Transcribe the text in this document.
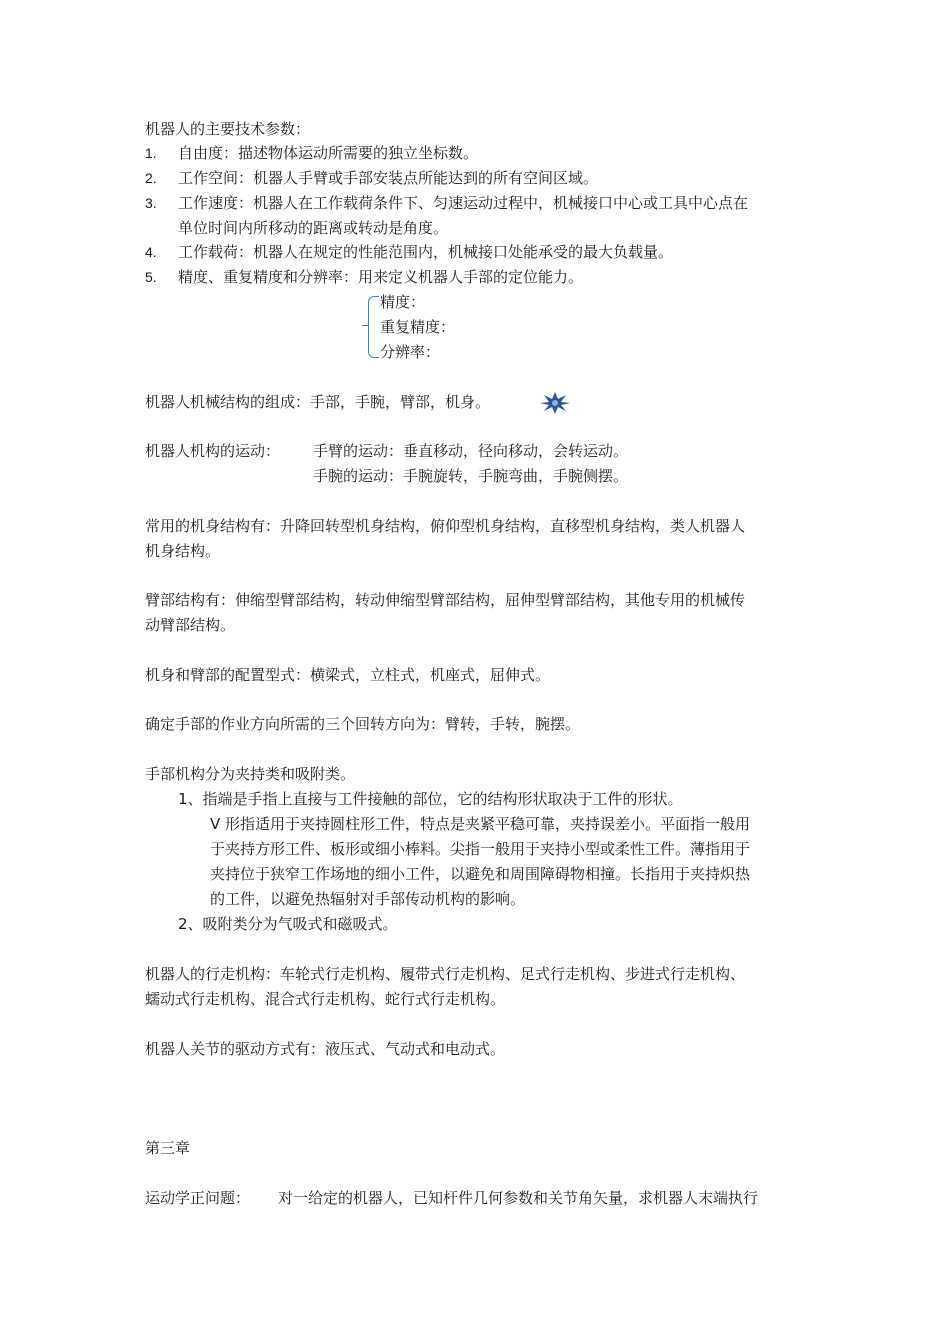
机器人的主要技术参数：
1. 自由度：描述物体运动所需要的独立坐标数。
2. 工作空间：机器人手臂或手部安装点所能达到的所有空间区域。
3. 工作速度：机器人在工作载荷条件下、匀速运动过程中，机械接口中心或工具中心点在
单位时间内所移动的距离或转动是角度。
4. 工作载荷：机器人在规定的性能范围内，机械接口处能承受的最大负载量。
5. 精度、重复精度和分辨率：用来定义机器人手部的定位能力。
精度：
重复精度：
分辨率：
机器人机械结构的组成：手部，手腕，臂部，机身。
机器人机构的运动： 手臂的运动：垂直移动，径向移动，会转运动。
手腕的运动：手腕旋转，手腕弯曲，手腕侧摆。
常用的机身结构有：升降回转型机身结构，俯仰型机身结构，直移型机身结构，类人机器人
机身结构。
臂部结构有：伸缩型臂部结构，转动伸缩型臂部结构，屈伸型臂部结构，其他专用的机械传
动臂部结构。
机身和臂部的配置型式：横梁式，立柱式，机座式，屈伸式。
确定手部的作业方向所需的三个回转方向为：臂转，手转，腕摆。
手部机构分为夹持类和吸附类。
1、指端是手指上直接与工件接触的部位，它的结构形状取决于工件的形状。
V 形指适用于夹持圆柱形工件，特点是夹紧平稳可靠，夹持误差小。平面指一般用
于夹持方形工件、板形或细小棒料。尖指一般用于夹持小型或柔性工件。薄指用于
夹持位于狭窄工作场地的细小工件，以避免和周围障碍物相撞。长指用于夹持炽热
的工件，以避免热辐射对手部传动机构的影响。
2、吸附类分为气吸式和磁吸式。
机器人的行走机构：车轮式行走机构、履带式行走机构、足式行走机构、步进式行走机构、
蠕动式行走机构、混合式行走机构、蛇行式行走机构。
机器人关节的驱动方式有：液压式、气动式和电动式。
第三章
运动学正问题： 对一给定的机器人，已知杆件几何参数和关节角矢量，求机器人末端执行
